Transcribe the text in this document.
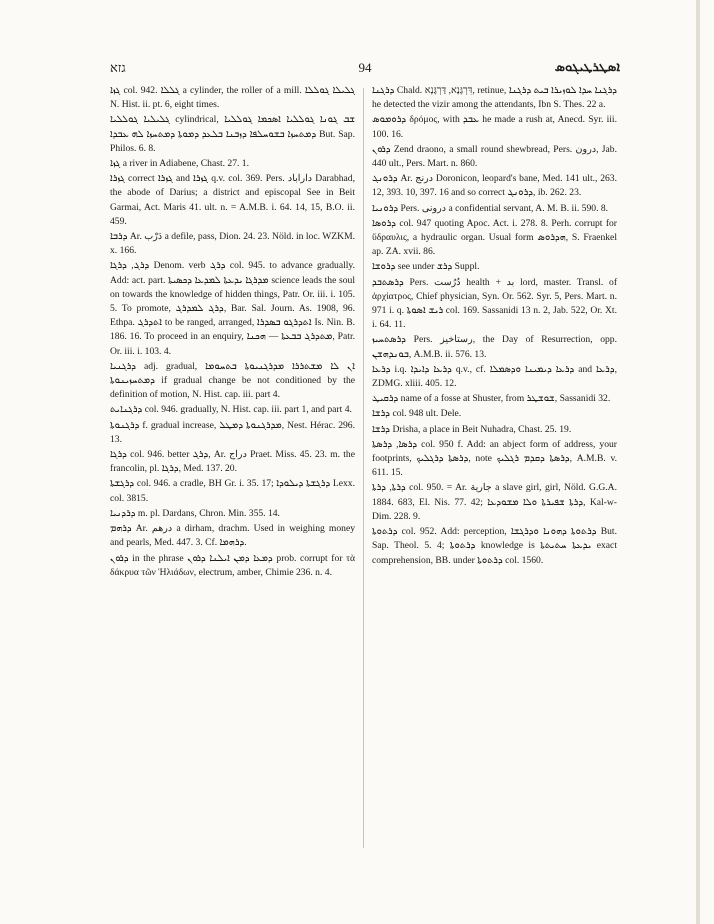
גזא	94	ܐܣܛܪܛܝܓܘܣ

ܓܙܐ col. 942. ܓܠܠܐ a cylinder, the roller of a mill. ܓܠܝܠܐ ܓܘܠܠܐ N. Hist. ii. pt. 6, eight times.

ܓܠܝܠܝܐ ܓܘܠܠܝܐ cylindrical, ܫܒ ܓܘܢܐ ܓܘܠܠܝܐ ܐܣܟܡܐ ܓܘܠܠܝܐ ܕܡܬܚܙܐ ܒܫܘܚܠܦܐ ܕܙܒܢܐ ܒܠܥܕ ܕܡܘܬܐ ܕܡܬܚܙܐ ܠܗ ܥܒܕܐ But. Sap. Philos. 6. 8.

ܓܙܐ a river in Adiabene, Chast. 27. 1.

ܓܙܪܐ correct ܓܙܪܐ and ܓܙܪܐ q.v. col. 369. Pers. داراباد Darabhad, the abode of Darius; a district and episcopal See in Beit Garmai, Act. Maris 41. ult. n. = A.M.B. i. 64. 14, 15, B.O. ii. 459.

ܕܪܒܐ Ar. دَرْب a defile, pass, Dion. 24. 23. Nöld. in loc. WZKM. x. 166.

ܕܪܓ, ܕܪܓܐ Denom. verb ܕܪܓ col. 945. to advance gradually. Add: act. part. ܡܕܪܓܐ ܝܕܥܬܐ ܠܡܕܥܐ ܕܟܣܝܬܐ science leads the soul on towards the knowledge of hidden things, Patr. Or. iii. i. 105. 5. To promote, ܕܪܓ ܠܡܕܪܓ, Bar. Sal. Journ. As. 1908, 96. Ethpa. ܐܬܕܪܓ to be ranged, arranged, ܐܬܕܪܓܘ ܒܣܕܪܐ Is. Nin. B. 186. 16. To proceed in an enquiry, ܡܬܕܪܓ ܒܒܥܬܐ — ܗܟܢܐ, Patr. Or. iii. i. 103. 4.

ܕܪܓܢܝܐ adj. gradual, ܐܢ ܠܐ ܡܫܬܪܪܐ ܡܕܪܓܢܝܘܬܐ ܒܬܚܘܡܐ ܕܡܬܚܙܝܢܘܬܐ if gradual change be not conditioned by the definition of motion, N. Hist. cap. iii. part 4.

ܕܪܓܢܐܝܬ col. 946. gradually, N. Hist. cap. iii. part 1, and part 4.

ܕܪܓܢܘܬܐ f. gradual increase, ܡܕܪܓܢܘܬܐ ܕܡܛܠ, Nest. Hérac. 296. 13.

ܕܪܓܐ col. 946. better ܕܪܓ, Ar. دراج Praet. Miss. 45. 23. m. the francolin, pl. ܕܪܓܐ, Med. 137. 20.

ܕܪܓܫܬܐ col. 946. a cradle, BH Gr. i. 35. 17; ܕܪܓܫܬܐ ܕܝܠܘܕܐ Lexx. col. 3815.

ܕܪܕܢܝܐ m. pl. Dardans, Chron. Min. 355. 14.

ܕܪܗܡ Ar. درهم a dirham, drachm. Used in weighing money and pearls, Med. 447. 3. Cf. ܕܪܗܡܐ.

ܕܪܘܢ in the phrase ܕܡܥܐ ܕܡܢ ܐܝܠܢܐ ܕܪܘܢ prob. corrupt for τὰ δάκρυα τῶν Ἡλιάδων, electrum, amber, Chimie 236. n. 4.

ܕܪܓܢܐ Chald. דִּרְגָּנָא, דַּרְגָּנָא, retinue, ܕܪܓܢܐ ܚܕܐ ܠܘܙܝܪܐ ܒܝܬ ܕܪܓܢܐ he detected the vizir among the attendants, Ibn S. Thes. 22 a.

ܕܪܘܡܘܣ δρόμος, with ܥܒܕ he made a rush at, Anecd. Syr. iii. 100. 16.

ܕܪܘܢ Zend draono, a small round shewbread, Pers. درون, Jab. 440 ult., Pers. Mart. n. 860.

ܕܪܘܢܓ Ar. درنج Doronicon, leopard's bane, Med. 141 ult., 263. 12, 393. 10, 397. 16 and so correct ܕܪܘܢܓ, ib. 262. 23.

ܕܪܘܢܝܐ Pers. درونی a confidential servant, A. M. B. ii. 590. 8.

ܕܪܘܣܐ col. 947 quoting Apoc. Act. i. 278. 8. Perh. corrupt for ὕδραυλις, a hydraulic organ. Usual form ܗܕܪܘܣ, S. Fraenkel ap. ZA. xvii. 86.

ܕܪܘܫܐ see under ܕܪܫ Suppl.

ܕܪܣܬܒܕ Pers. دُرُست health + بد lord, master. Transl. of ἀρχίατρος, Chief physician, Syn. Or. 562. Syr. 5, Pers. Mart. n. 971 i. q. ܪܝܫ ܐܣܘܬܐ col. 169. Sassanidi 13 n. 2, Jab. 522, Or. Xt. i. 64. 11.

ܕܪܣܬܚܝܙ Pers. رستاخيز, the Day of Resurrection, opp. ܒܘܢܕܗܫܢ, A.M.B. ii. 576. 13.

ܕܪܥܐ i.q. ܕܪܥܐ ܕܐܝܕܐ q.v., cf. ܕܪܥܐ ܕܝܡܝܢܐ ܘܕܣܡܠܐ and ܕܪܥܐ, ZDMG. xliii. 405. 12.

ܕܪܩܝܛ name of a fosse at Shuster, from ܫܘܫܛܪ, Sassanidi 32.

ܕܪܫܐ col. 948 ult. Dele.

ܕܪܫܐ Drisha, a place in Beit Nuhadra, Chast. 25. 19.

ܕܪܣܐ, ܕܪܣܬܐ col. 950 f. Add: an abject form of address, your footprints, ܕܪܣܬܐ ܕܪܓܠܝܟ, note ܕܪܣܬܐ ܕܩܕܡ ܪܓܠܝܟ, A.M.B. v. 611. 15.

ܕܪܬܐ, ܕܪܬܐ col. 950. = Ar. جارية a slave girl, girl, Nöld. G.G.A. 1884. 683, El. Nis. 77. 42; ܕܪܬܐ ܫܦܝܪܬܐ ܘܠܐ ܡܫܘܕܥܐ, Kal-w-Dim. 228. 9.

ܕܪܬܘܬܐ col. 952. Add: perception, ܕܪܬܘܬܐ ܕܗܘܢܐ ܘܕܪܓܫܐ But. Sap. Theol. 5. 4; ܕܪܬܘܬܐ knowledge is ܝܕܥܬܐ ܚܬܝܬܬܐ exact comprehension, BB. under ܕܪܬܘܬܐ col. 1560.
